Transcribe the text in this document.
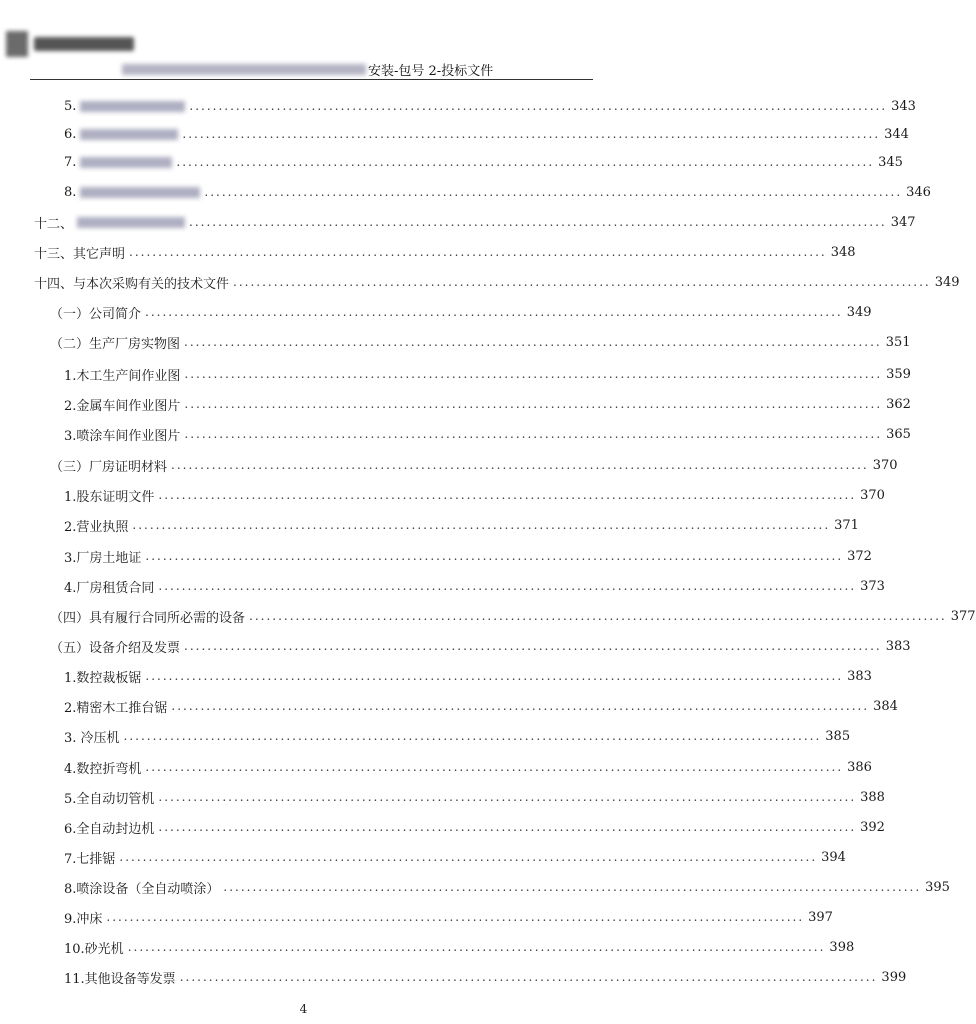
安装-包号 2-投标文件
5.	........................................................................................................................ 343
6.	........................................................................................................................ 344
7.	........................................................................................................................ 345
8.	........................................................................................................................ 346
十二、	........................................................................................................................ 347
十三、其它声明 ........................................................................................................................ 348
十四、与本次采购有关的技术文件 ........................................................................................................................ 349
（一）公司简介 ........................................................................................................................ 349
（二）生产厂房实物图 ........................................................................................................................ 351
1.木工生产间作业图 ........................................................................................................................ 359
2.金属车间作业图片 ........................................................................................................................ 362
3.喷涂车间作业图片 ........................................................................................................................ 365
（三）厂房证明材料 ........................................................................................................................ 370
1.股东证明文件 ........................................................................................................................ 370
2.营业执照 ........................................................................................................................ 371
3.厂房土地证 ........................................................................................................................ 372
4.厂房租赁合同 ........................................................................................................................ 373
（四）具有履行合同所必需的设备 ........................................................................................................................ 377
（五）设备介绍及发票 ........................................................................................................................ 383
1.数控裁板锯 ........................................................................................................................ 383
2.精密木工推台锯 ........................................................................................................................ 384
3. 冷压机 ........................................................................................................................ 385
4.数控折弯机 ........................................................................................................................ 386
5.全自动切管机 ........................................................................................................................ 388
6.全自动封边机 ........................................................................................................................ 392
7.七排锯 ........................................................................................................................ 394
8.喷涂设备（全自动喷涂） ........................................................................................................................ 395
9.冲床 ........................................................................................................................ 397
10.砂光机 ........................................................................................................................ 398
11.其他设备等发票 ........................................................................................................................ 399
4
